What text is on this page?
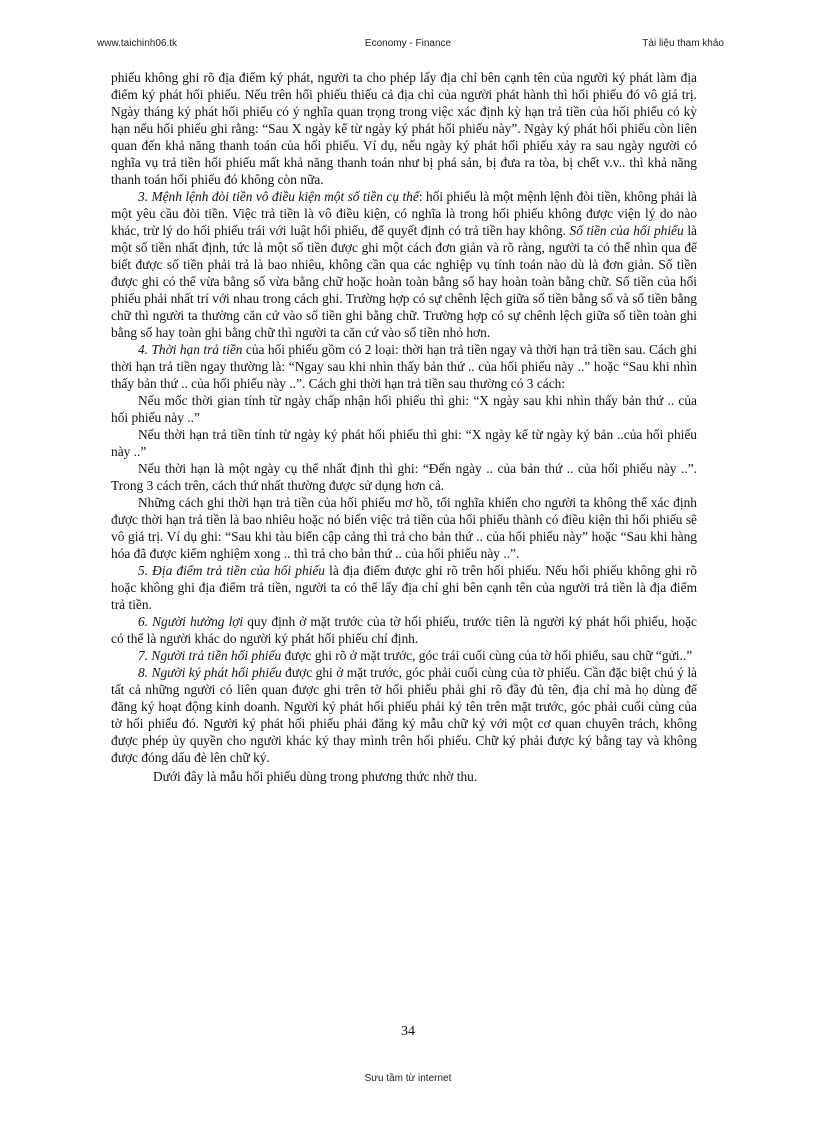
www.taichinh06.tk	Economy - Finance	Tài liệu tham khảo

phiếu không ghi rõ địa điểm ký phát, người ta cho phép lấy địa chỉ bên cạnh tên của người ký phát làm địa điểm ký phát hối phiếu. Nếu trên hối phiếu thiếu cả địa chỉ của người phát hành thì hối phiếu đó vô giá trị. Ngày tháng ký phát hối phiếu có ý nghĩa quan trọng trong việc xác định kỳ hạn trả tiền của hối phiếu có kỳ hạn nếu hối phiếu ghi rằng: “Sau X ngày kể từ ngày ký phát hối phiếu này”. Ngày ký phát hối phiếu còn liên quan đến khả năng thanh toán của hối phiếu. Ví dụ, nếu ngày ký phát hối phiếu xảy ra sau ngày người có nghĩa vụ trả tiền hối phiếu mất khả năng thanh toán như bị phá sản, bị đưa ra tòa, bị chết v.v.. thì khả năng thanh toán hối phiếu đó không còn nữa.

3. Mệnh lệnh đòi tiền vô điều kiện một số tiền cụ thể: hối phiếu là một mệnh lệnh đòi tiền, không phải là một yêu cầu đòi tiền. Việc trả tiền là vô điều kiện, có nghĩa là trong hối phiếu không được viện lý do nào khác, trừ lý do hối phiếu trái với luật hối phiếu, để quyết định có trả tiền hay không. Số tiền của hối phiếu là một số tiền nhất định, tức là một số tiền được ghi một cách đơn giản và rõ ràng, người ta có thể nhìn qua để biết được số tiền phải trả là bao nhiêu, không cần qua các nghiệp vụ tính toán nào dù là đơn giản. Số tiền được ghi có thể vừa bằng số vừa bằng chữ hoặc hoàn toàn bằng số hay hoàn toàn bằng chữ. Số tiền của hối phiếu phải nhất trí với nhau trong cách ghi. Trường hợp có sự chênh lệch giữa số tiền bằng số và số tiền bằng chữ thì người ta thường căn cứ vào số tiền ghi bằng chữ. Trường hợp có sự chênh lệch giữa số tiền toàn ghi bằng số hay toàn ghi bằng chữ thì người ta căn cứ vào số tiền nhỏ hơn.

4. Thời hạn trả tiền của hối phiếu gồm có 2 loại: thời hạn trả tiền ngay và thời hạn trả tiền sau. Cách ghi thời hạn trả tiền ngay thường là: “Ngay sau khi nhìn thấy bản thứ .. của hối phiếu này ..” hoặc “Sau khi nhìn thấy bản thứ .. của hối phiếu này ..”. Cách ghi thời hạn trả tiền sau thường có 3 cách:

Nếu mốc thời gian tính từ ngày chấp nhận hối phiếu thì ghi: “X ngày sau khi nhìn thấy bản thứ .. của hối phiếu này ..”

Nếu thời hạn trả tiền tính từ ngày ký phát hối phiếu thì ghi: “X ngày kể từ ngày ký bản ..của hối phiếu này ..”

Nếu thời hạn là một ngày cụ thể nhất định thì ghi: “Đến ngày .. của bản thứ .. của hối phiếu này ..”. Trong 3 cách trên, cách thứ nhất thường được sử dụng hơn cả.

Những cách ghi thời hạn trả tiền của hối phiếu mơ hồ, tối nghĩa khiến cho người ta không thể xác định được thời hạn trả tiền là bao nhiêu hoặc nó biến việc trả tiền của hối phiếu thành có điều kiện thì hối phiếu sẽ vô giá trị. Ví dụ ghi: “Sau khi tàu biển cập cảng thì trả cho bản thứ .. của hối phiếu này” hoặc “Sau khi hàng hóa đã được kiểm nghiệm xong .. thì trả cho bản thứ .. của hối phiếu này ..”.

5. Địa điểm trả tiền của hối phiếu là địa điểm được ghi rõ trên hối phiếu. Nếu hối phiếu không ghi rõ hoặc không ghi địa điểm trả tiền, người ta có thể lấy địa chỉ ghi bên cạnh tên của người trả tiền là địa điểm trả tiền.

6. Người hưởng lợi quy định ở mặt trước của tờ hối phiếu, trước tiên là người ký phát hối phiếu, hoặc có thể là người khác do người ký phát hối phiếu chỉ định.

7. Người trả tiền hối phiếu được ghi rõ ở mặt trước, góc trái cuối cùng của tờ hối phiếu, sau chữ “gửi..”

8. Người ký phát hối phiếu được ghi ở mặt trước, góc phải cuối cùng của tờ phiếu. Cần đặc biệt chú ý là tất cả những người có liên quan được ghi trên tờ hối phiếu phải ghi rõ đầy đủ tên, địa chỉ mà họ dùng để đăng ký hoạt động kinh doanh. Người ký phát hối phiếu phải ký tên trên mặt trước, góc phải cuối cùng của tờ hối phiếu đó. Người ký phát hối phiếu phải đăng ký mẫu chữ ký với một cơ quan chuyên trách, không được phép ủy quyền cho người khác ký thay mình trên hối phiếu. Chữ ký phải được ký bằng tay và không được đóng dấu đè lên chữ ký.

Dưới đây là mẫu hối phiếu dùng trong phương thức nhờ thu.

34
Sưu tầm từ internet
